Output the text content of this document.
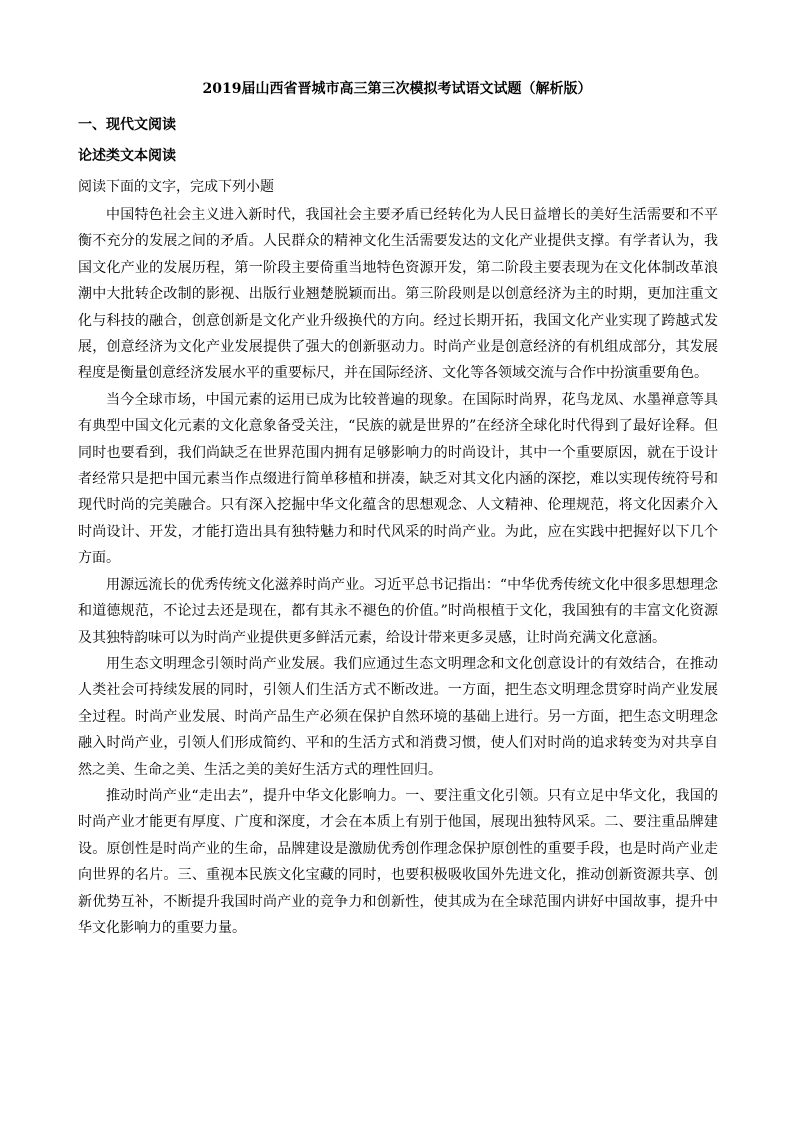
2019届山西省晋城市高三第三次模拟考试语文试题（解析版）
一、现代文阅读
论述类文本阅读
阅读下面的文字，完成下列小题

中国特色社会主义进入新时代，我国社会主要矛盾已经转化为人民日益增长的美好生活需要和不平衡不充分的发展之间的矛盾。人民群众的精神文化生活需要发达的文化产业提供支撑。有学者认为，我国文化产业的发展历程，第一阶段主要倚重当地特色资源开发，第二阶段主要表现为在文化体制改革浪潮中大批转企改制的影视、出版行业翘楚脱颖而出。第三阶段则是以创意经济为主的时期，更加注重文化与科技的融合，创意创新是文化产业升级换代的方向。经过长期开拓，我国文化产业实现了跨越式发展，创意经济为文化产业发展提供了强大的创新驱动力。时尚产业是创意经济的有机组成部分，其发展程度是衡量创意经济发展水平的重要标尺，并在国际经济、文化等各领域交流与合作中扮演重要角色。

当今全球市场，中国元素的运用已成为比较普遍的现象。在国际时尚界，花鸟龙凤、水墨禅意等具有典型中国文化元素的文化意象备受关注，“民族的就是世界的”在经济全球化时代得到了最好诠释。但同时也要看到，我们尚缺乏在世界范围内拥有足够影响力的时尚设计，其中一个重要原因，就在于设计者经常只是把中国元素当作点缀进行简单移植和拼凑，缺乏对其文化内涵的深挖，难以实现传统符号和现代时尚的完美融合。只有深入挖掘中华文化蕴含的思想观念、人文精神、伦理规范，将文化因素介入时尚设计、开发，才能打造出具有独特魅力和时代风采的时尚产业。为此，应在实践中把握好以下几个方面。

用源远流长的优秀传统文化滋养时尚产业。习近平总书记指出：“中华优秀传统文化中很多思想理念和道德规范，不论过去还是现在，都有其永不褪色的价值。”时尚根植于文化，我国独有的丰富文化资源及其独特韵味可以为时尚产业提供更多鲜活元素，给设计带来更多灵感，让时尚充满文化意涵。

用生态文明理念引领时尚产业发展。我们应通过生态文明理念和文化创意设计的有效结合，在推动人类社会可持续发展的同时，引领人们生活方式不断改进。一方面，把生态文明理念贯穿时尚产业发展全过程。时尚产业发展、时尚产品生产必须在保护自然环境的基础上进行。另一方面，把生态文明理念融入时尚产业，引领人们形成简约、平和的生活方式和消费习惯，使人们对时尚的追求转变为对共享自然之美、生命之美、生活之美的美好生活方式的理性回归。

推动时尚产业“走出去”，提升中华文化影响力。一、要注重文化引领。只有立足中华文化，我国的时尚产业才能更有厚度、广度和深度，才会在本质上有别于他国，展现出独特风采。二、要注重品牌建设。原创性是时尚产业的生命，品牌建设是激励优秀创作理念保护原创性的重要手段，也是时尚产业走向世界的名片。三、重视本民族文化宝藏的同时，也要积极吸收国外先进文化，推动创新资源共享、创新优势互补，不断提升我国时尚产业的竞争力和创新性，使其成为在全球范围内讲好中国故事，提升中华文化影响力的重要力量。
